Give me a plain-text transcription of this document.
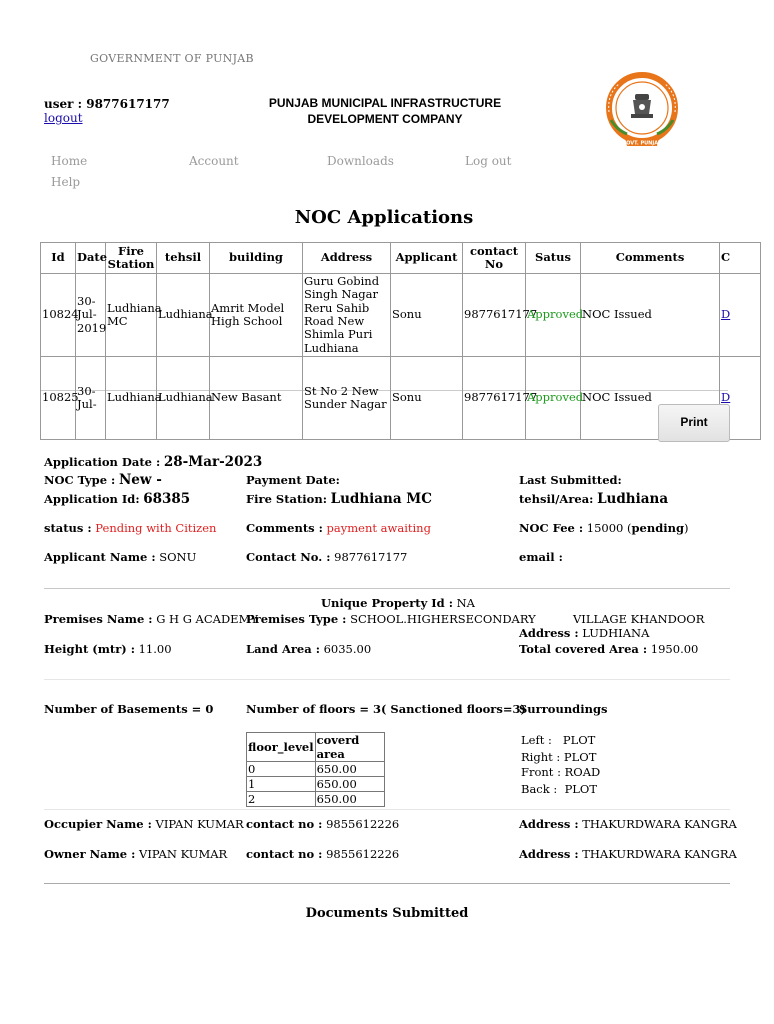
GOVERNMENT OF PUNJAB
user : 9877617177
logout
PUNJAB MUNICIPAL INFRASTRUCTURE DEVELOPMENT COMPANY
GOVT. PUNJAB
Home	Account	Downloads	Log out
Help
NOC Applications
Id	Date	Fire Station	tehsil	building	Address	Applicant	contact No	Satus	Comments	C
10824	30-Jul-2019	Ludhiana MC	Ludhiana	Amrit Model High School	Guru Gobind Singh Nagar Reru Sahib Road New Shimla Puri Ludhiana	Sonu	9877617177	Approved	NOC Issued	D
10825	30-Jul-	Ludhiana	Ludhiana	New Basant	St No 2 New Sunder Nagar	Sonu	9877617177	Approved	NOC Issued	D
Print
Application Date : 28-Mar-2023
NOC Type : New -
Application Id: 68385
Payment Date:
Fire Station: Ludhiana MC
Last Submitted:
tehsil/Area: Ludhiana
status : Pending with Citizen	Comments : payment awaiting	NOC Fee : 15000 (pending)
Applicant Name : SONU	Contact No. : 9877617177	email :
Unique Property Id : NA
Premises Name : G H G ACADEMY
Premises Type : SCHOOL.HIGHERSECONDARY	VILLAGE KHANDOOR
Address : LUDHIANA
Height (mtr) : 11.00	Land Area : 6035.00	Total covered Area : 1950.00
Number of Basements = 0	Number of floors = 3( Sanctioned floors=3)
Surroundings
floor_level	coverd area
0	650.00
1	650.00
2	650.00
Left : PLOT
Right : PLOT
Front : ROAD
Back : PLOT
Occupier Name : VIPAN KUMAR contact no : 9855612226	Address : THAKURDWARA KANGRA
Owner Name : VIPAN KUMAR contact no : 9855612226	Address : THAKURDWARA KANGRA
Documents Submitted
